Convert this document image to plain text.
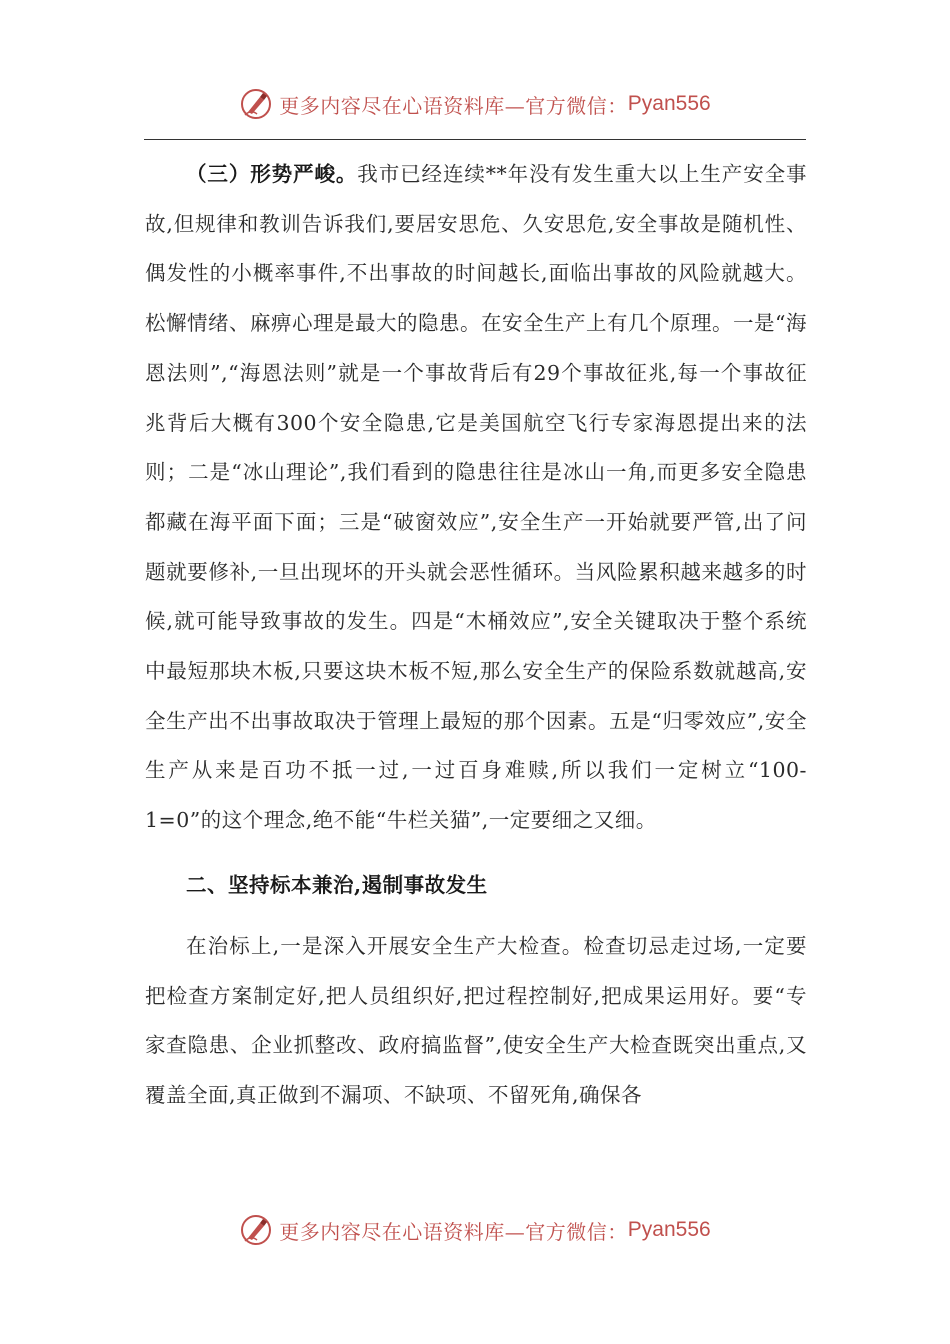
更多内容尽在心语资料库—官方微信： Pyan556

（三）形势严峻。我市已经连续**年没有发生重大以上生产安全事故,但规律和教训告诉我们,要居安思危、久安思危,安全事故是随机性、偶发性的小概率事件,不出事故的时间越长,面临出事故的风险就越大。松懈情绪、麻痹心理是最大的隐患。在安全生产上有几个原理。一是“海恩法则”,“海恩法则”就是一个事故背后有29个事故征兆,每一个事故征兆背后大概有300个安全隐患,它是美国航空飞行专家海恩提出来的法则；二是“冰山理论”,我们看到的隐患往往是冰山一角,而更多安全隐患都藏在海平面下面；三是“破窗效应”,安全生产一开始就要严管,出了问题就要修补,一旦出现坏的开头就会恶性循环。当风险累积越来越多的时候,就可能导致事故的发生。四是“木桶效应”,安全关键取决于整个系统中最短那块木板,只要这块木板不短,那么安全生产的保险系数就越高,安全生产出不出事故取决于管理上最短的那个因素。五是“归零效应”,安全生产从来是百功不抵一过,一过百身难赎,所以我们一定树立“100-1=0”的这个理念,绝不能“牛栏关猫”,一定要细之又细。

二、坚持标本兼治,遏制事故发生

在治标上,一是深入开展安全生产大检查。检查切忌走过场,一定要把检查方案制定好,把人员组织好,把过程控制好,把成果运用好。要“专家查隐患、企业抓整改、政府搞监督”,使安全生产大检查既突出重点,又覆盖全面,真正做到不漏项、不缺项、不留死角,确保各

更多内容尽在心语资料库—官方微信： Pyan556
